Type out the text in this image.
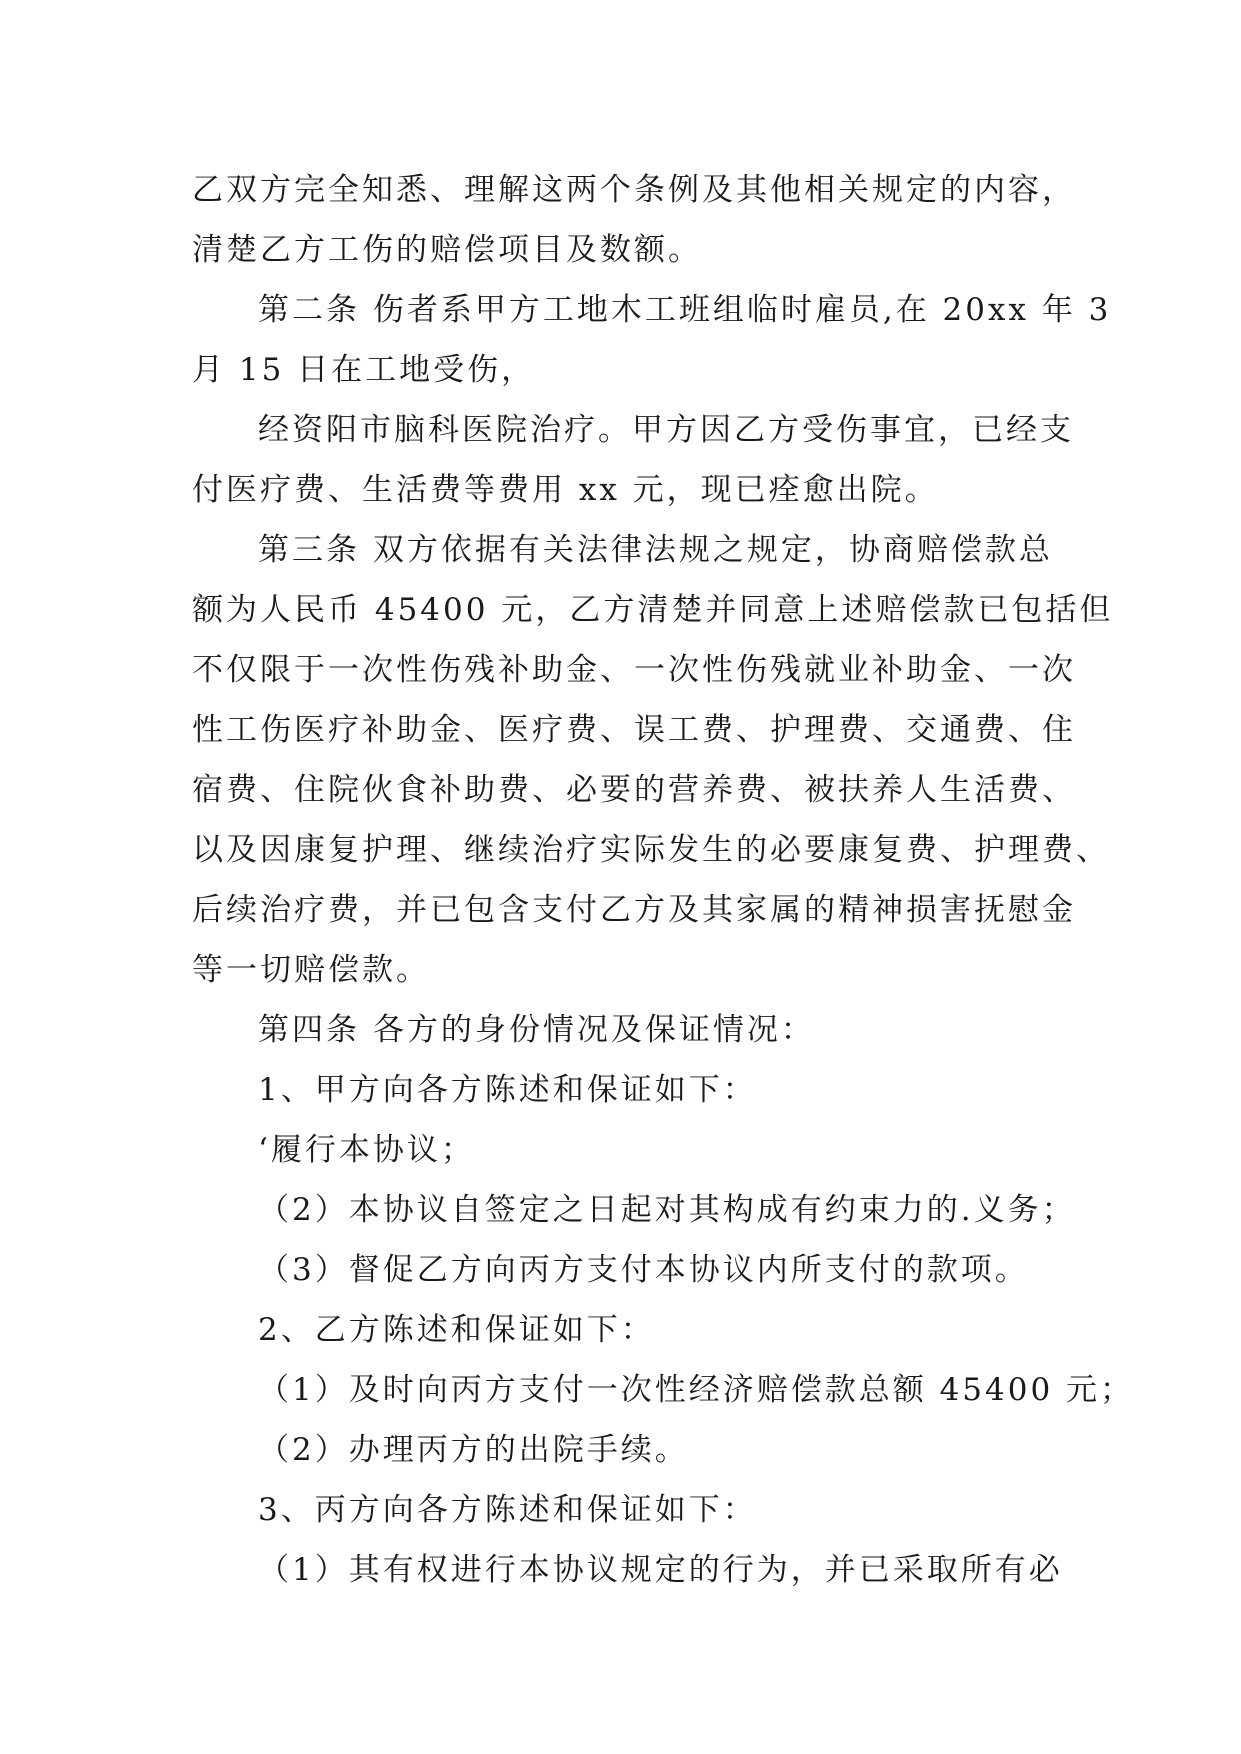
乙双方完全知悉、理解这两个条例及其他相关规定的内容，
清楚乙方工伤的赔偿项目及数额。
第二条 伤者系甲方工地木工班组临时雇员,在 20xx 年 3
月 15 日在工地受伤，
经资阳市脑科医院治疗。甲方因乙方受伤事宜，已经支
付医疗费、生活费等费用 xx 元，现已痊愈出院。
第三条 双方依据有关法律法规之规定，协商赔偿款总
额为人民币 45400 元，乙方清楚并同意上述赔偿款已包括但
不仅限于一次性伤残补助金、一次性伤残就业补助金、一次
性工伤医疗补助金、医疗费、误工费、护理费、交通费、住
宿费、住院伙食补助费、必要的营养费、被扶养人生活费、
以及因康复护理、继续治疗实际发生的必要康复费、护理费、
后续治疗费，并已包含支付乙方及其家属的精神损害抚慰金
等一切赔偿款。
第四条 各方的身份情况及保证情况：
1、甲方向各方陈述和保证如下：
‘履行本协议；
（2）本协议自签定之日起对其构成有约束力的.义务；
（3）督促乙方向丙方支付本协议内所支付的款项。
2、乙方陈述和保证如下：
（1）及时向丙方支付一次性经济赔偿款总额 45400 元；
（2）办理丙方的出院手续。
3、丙方向各方陈述和保证如下：
（1）其有权进行本协议规定的行为，并已采取所有必
